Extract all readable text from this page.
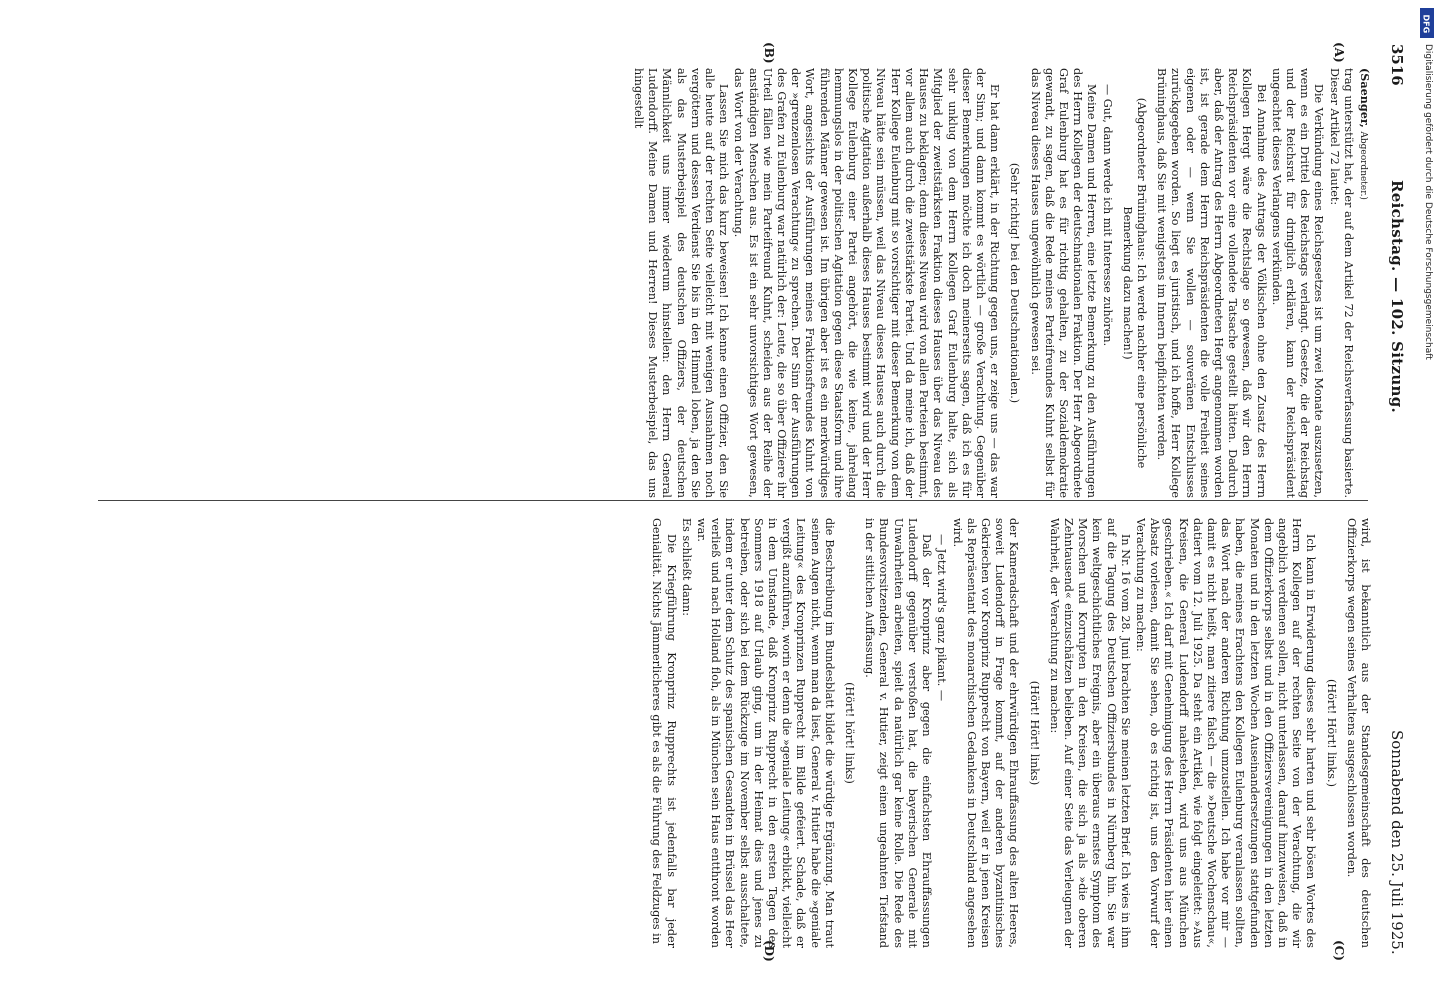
3516
Reichstag. — 102. Sitzung.
Sonnabend den 25. Juli 1925.
(A)
(B)
(C)
(D)

(Saenger, Abgeordneter.)

trag unterstützt hat, der auf dem Artikel 72 der Reichsverfassung basierte. Dieser Artikel 72 lautet:

Die Verkündung eines Reichsgesetzes ist um zwei Monate auszusetzen, wenn es ein Drittel des Reichstags verlangt. Gesetze, die der Reichstag und der Reichsrat für dringlich erklären, kann der Reichspräsident ungeachtet dieses Verlangens verkünden.

Bei Annahme des Antrags der Völkischen ohne den Zusatz des Herrn Kollegen Hergt wäre die Rechtslage so gewesen, daß wir den Herrn Reichspräsidenten vor eine vollendete Tatsache gestellt hätten. Dadurch aber, daß der Antrag des Herrn Abgeordneten Hergt angenommen worden ist, ist gerade dem Herrn Reichspräsidenten die volle Freiheit seines eigenen oder — wenn Sie wollen — souveränen Entschlusses zurückgegeben worden. So liegt es juristisch, und ich hoffe, Herr Kollege Brüninghaus, daß Sie mit wenigstens im Innern beipflichten werden.

(Abgeordneter Brüninghaus: Ich werde nachher eine persönliche Bemerkung dazu machen!)

— Gut, dann werde ich mit Interesse zuhören.

Meine Damen und Herren, eine letzte Bemerkung zu den Ausführungen des Herrn Kollegen der deutschnationalen Fraktion. Der Herr Abgeordnete Graf Eulenburg hat es für richtig gehalten, zu der Sozialdemokratie gewandt, zu sagen, daß die Rede meines Parteifreundes Kuhnt selbst für das Niveau dieses Hauses ungewöhnlich gewesen sei.

(Sehr richtig! bei den Deutschnationalen.)

Er hat dann erklärt, in der Richtung gegen uns, er zeige uns — das war der Sinn; und dann kommt es wörtlich — große Verachtung. Gegenüber dieser Bemerkungen möchte ich doch meinerseits sagen, daß ich es für sehr unklug von dem Herrn Kollegen Graf Eulenburg halte, sich als Mitglied der zweitstärksten Fraktion dieses Hauses über das Niveau des Hauses zu beklagen; denn dieses Niveau wird von allen Parteien bestimmt, vor allem auch durch die zweitstärkste Partei. Und da meine ich, daß der Herr Kollege Eulenburg mit so vorsichtiger mit dieser Bemerkung von dem Niveau hätte sein müssen, weil das Niveau dieses Hauses auch durch die politische Agitation außerhalb dieses Hauses bestimmt wird und der Herr Kollege Eulenburg einer Partei angehört, die wie keine, jahrelang hemmungslos in der politischen Agitation gegen diese Staatsform und ihre führenden Männer gewesen ist. Im übrigen aber ist es ein merkwürdiges Wort, angesichts der Ausführungen meines Fraktionsfreundes Kuhnt von der »grenzenlosen Verachtung« zu sprechen. Der Sinn der Ausführungen des Grafen zu Eulenburg war natürlich der: Leute, die so über Offiziere ihr Urteil fällen wie mein Parteifreund Kuhnt, scheiden aus der Reihe der anständigen Menschen aus. Es ist ein sehr unvorsichtiges Wort gewesen, das Wort von der Verachtung.

Lassen Sie mich das kurz beweisen! Ich kenne einen Offizier, den Sie alle heute auf der rechten Seite vielleicht mit wenigen Ausnahmen noch vergöttern und dessen Verdienst Sie bis in den Himmel loben, ja den Sie als das Musterbeispiel des deutschen Offiziers, der deutschen Männlichkeit uns immer wiederum hinstellen: den Herrn General Ludendorff. Meine Damen und Herren! Dieses Musterbeispiel, das uns hingestellt

wird, ist bekanntlich aus der Standesgemeinschaft des deutschen Offizierkorps wegen seines Verhaltens ausgeschlossen worden.

(Hört! Hört! links.)

Ich kann in Erwiderung dieses sehr harten und sehr bösen Wortes des Herrn Kollegen auf der rechten Seite von der Verachtung, die wir angeblich verdienen sollen, nicht unterlassen, darauf hinzuweisen, daß in dem Offizierkorps selbst und in den Offiziersvereinigungen in den letzten Monaten und in den letzten Wochen Auseinandersetzungen stattgefunden haben, die meines Erachtens den Kollegen Eulenburg veranlassen sollten, das Wort nach der anderen Richtung umzustellen. Ich habe vor mir — damit es nicht heißt, man zitiere falsch — die »Deutsche Wochenschau«, datiert vom 12. Juli 1925. Da steht ein Artikel, wie folgt eingeleitet: »Aus Kreisen, die General Ludendorff nahestehen, wird uns aus München geschrieben.« Ich darf mit Genehmigung des Herrn Präsidenten hier einen Absatz vorlesen, damit Sie sehen, ob es richtig ist, uns den Vorwurf der Verachtung zu machen:

In Nr. 16 vom 28. Juni brachten Sie meinen letzten Brief. Ich wies in ihm auf die Tagung des Deutschen Offiziersbundes in Nürnberg hin. Sie war kein weltgeschichtliches Ereignis, aber ein überaus ernstes Symptom des Morschen und Korrupten in den Kreisen, die sich ja als »die oberen Zehntausend« einzuschätzen belieben. Auf einer Seite das Verleugnen der Wahrheit, der Verachtung zu machen:

(Hört! Hört! links)

der Kameradschaft und der ehrwürdigen Ehrauffassung des alten Heeres, soweit Ludendorff in Frage kommt, auf der anderen byzantinisches Gekriechen vor Kronprinz Rupprecht von Bayern, weil er in jenen Kreisen als Repräsentant des monarchischen Gedankens in Deutschland angesehen wird.

— Jetzt wird's ganz pikant. —

Daß der Kronprinz aber gegen die einfachsten Ehrauffassungen Ludendorff gegenüber verstoßen hat, die bayerischen Generale mit Unwahrheiten arbeiten, spielt da natürlich gar keine Rolle. Die Rede des Bundesvorsitzenden, General v. Hutier, zeigt einen ungeahnten Tiefstand in der sittlichen Auffassung.

(Hört! hört! links)

die Beschreibung im Bundesblatt bildet die würdige Ergänzung. Man traut seinen Augen nicht, wenn man da liest, General v. Hutier habe die »geniale Leitung« des Kronprinzen Rupprecht im Bilde gefeiert. Schade, daß er vergißt anzuführen, worin er denn die »geniale Leitung« erblickt, vielleicht in dem Umstande, daß Kronprinz Rupprecht in den ersten Tagen des Sommers 1918 auf Urlaub ging, um in der Heimat dies und jenes zu betreiben, oder sich bei dem Rückzuge im November selbst ausschaltete, indem er unter dem Schutz des spanischen Gesandten in Brüssel das Heer verließ und nach Holland floh, als in München sein Haus entthront worden war.

Es schließt dann:

Die Kriegführung Kronprinz Rupprechts ist jedenfalls bar jeder Genialität. Nichts Jämmerlicheres gibt es als die Führung des Feldzuges in

DFG
Digitalisierung gefördert durch die Deutsche Forschungsgemeinschaft
